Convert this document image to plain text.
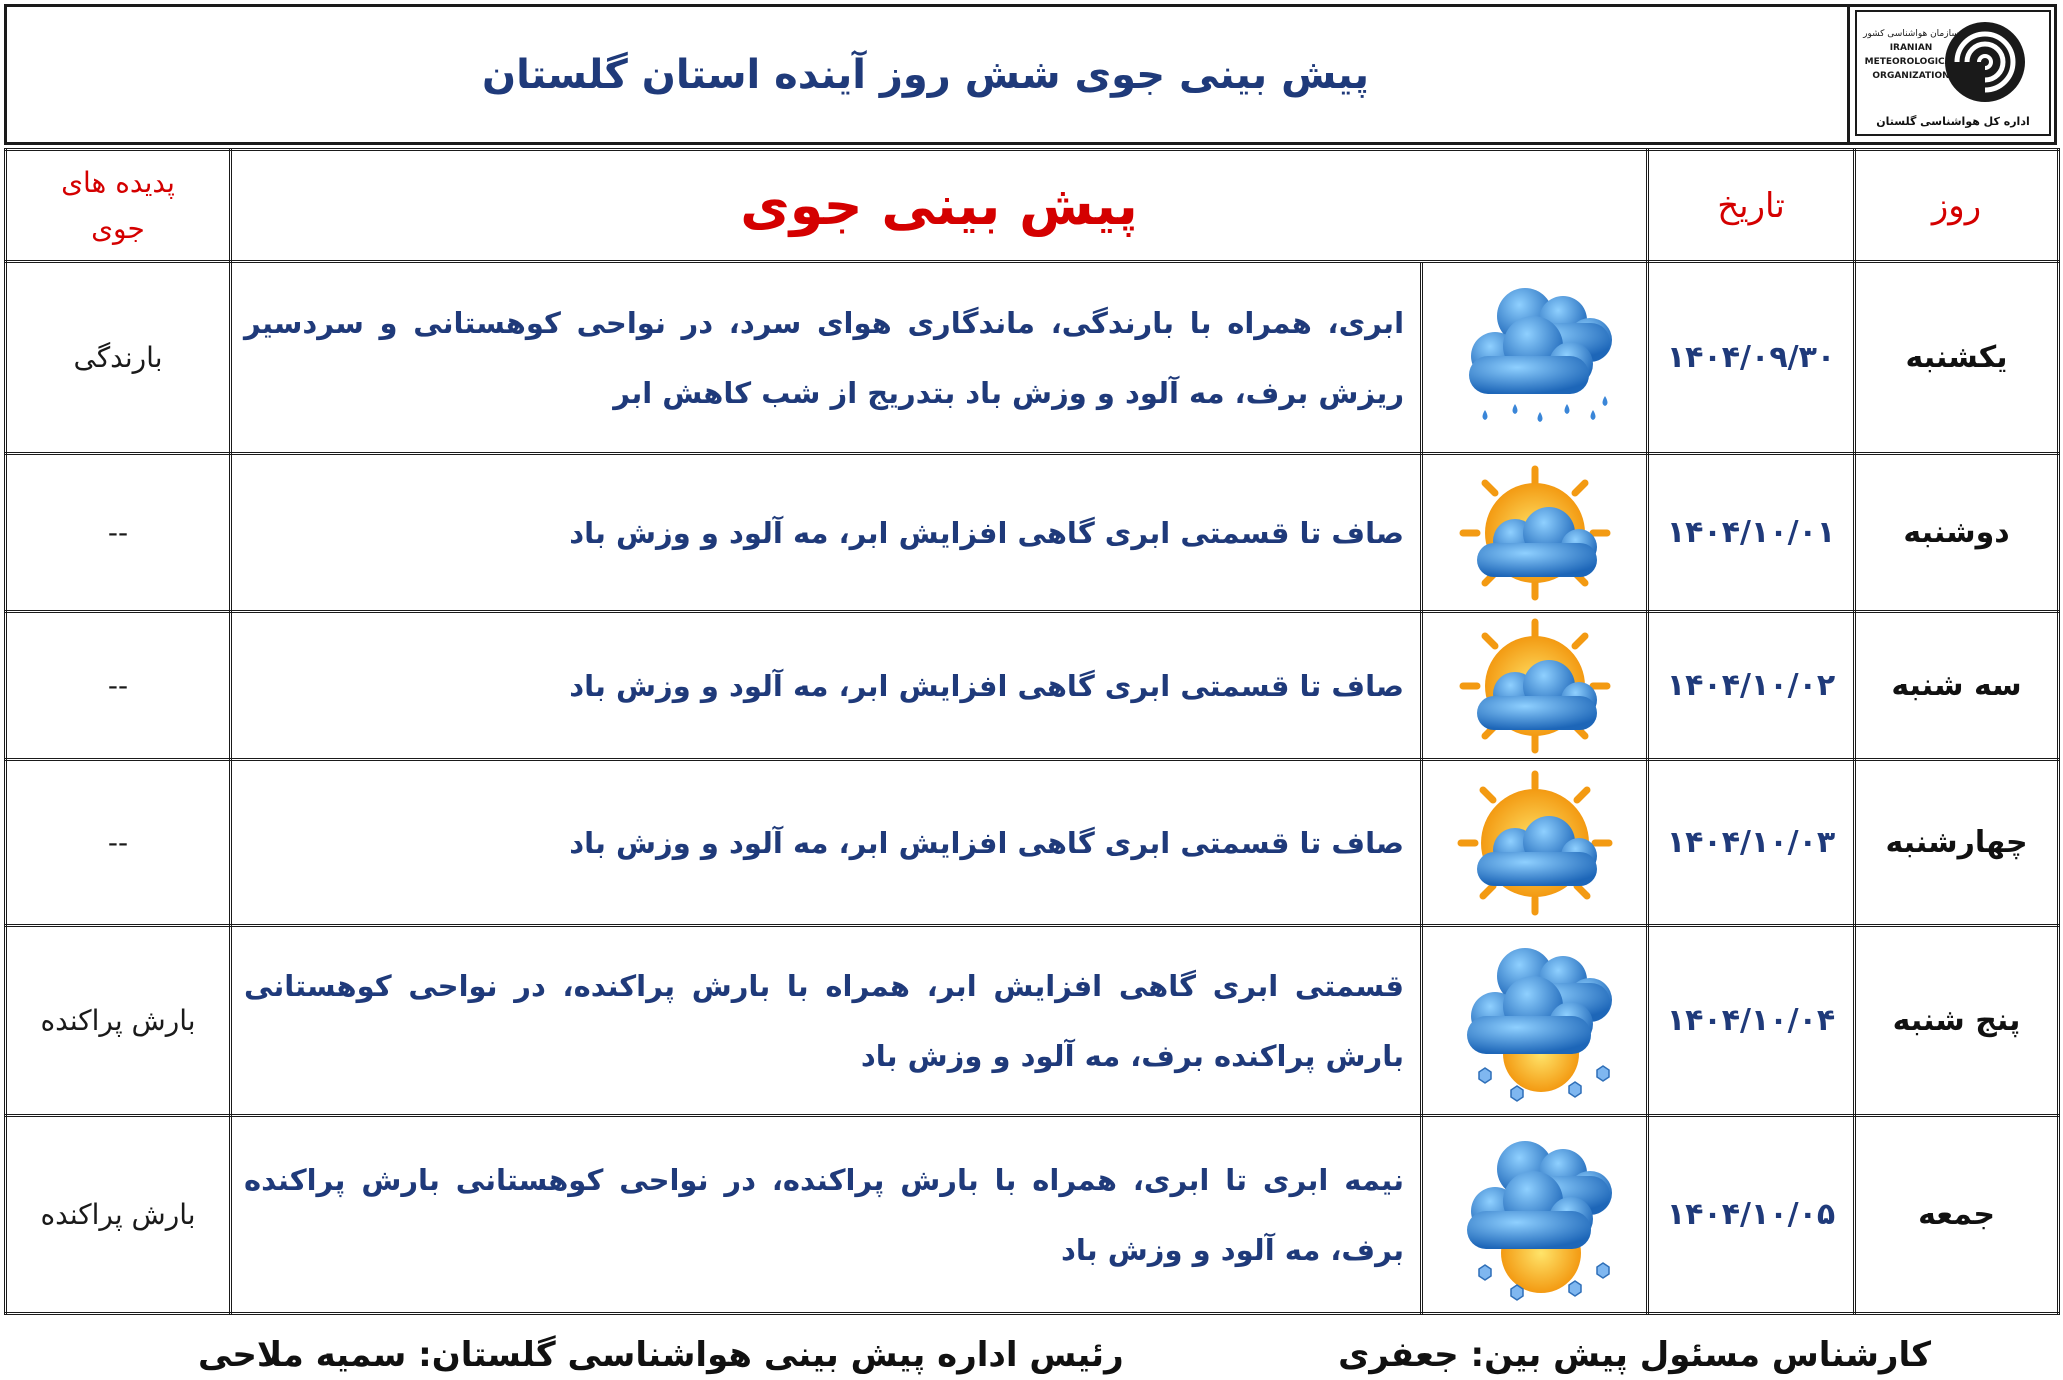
پیش بینی جوی شش روز آینده استان گلستان
سازمان هواشناسی کشور
IRANIAN
METEOROLOGICAL
ORGANIZATION
اداره کل هواشناسی گلستان
روز	تاریخ	پیش بینی جوی		پدیده های
جوی

یکشنبه	۱۴۰۴/۰۹/۳۰		ابری، همراه با بارندگی، ماندگاری هوای سرد، در نواحی کوهستانی و سردسیر ریزش برف، مه آلود و وزش باد بتدریج از شب کاهش ابر	بارندگی
دوشنبه	۱۴۰۴/۱۰/۰۱		صاف تا قسمتی ابری گاهی افزایش ابر، مه آلود و وزش باد	--
سه شنبه	۱۴۰۴/۱۰/۰۲		صاف تا قسمتی ابری گاهی افزایش ابر، مه آلود و وزش باد	--
چهارشنبه	۱۴۰۴/۱۰/۰۳		صاف تا قسمتی ابری گاهی افزایش ابر، مه آلود و وزش باد	--
پنج شنبه	۱۴۰۴/۱۰/۰۴		قسمتی ابری گاهی افزایش ابر، همراه با بارش پراکنده، در نواحی کوهستانی بارش پراکنده برف، مه آلود و وزش باد	بارش پراکنده
جمعه	۱۴۰۴/۱۰/۰۵		نیمه ابری تا ابری، همراه با بارش پراکنده، در نواحی کوهستانی بارش پراکنده برف، مه آلود و وزش باد	بارش پراکنده
کارشناس مسئول پیش بین: جعفری
رئیس اداره پیش بینی هواشناسی گلستان: سمیه ملاحی
